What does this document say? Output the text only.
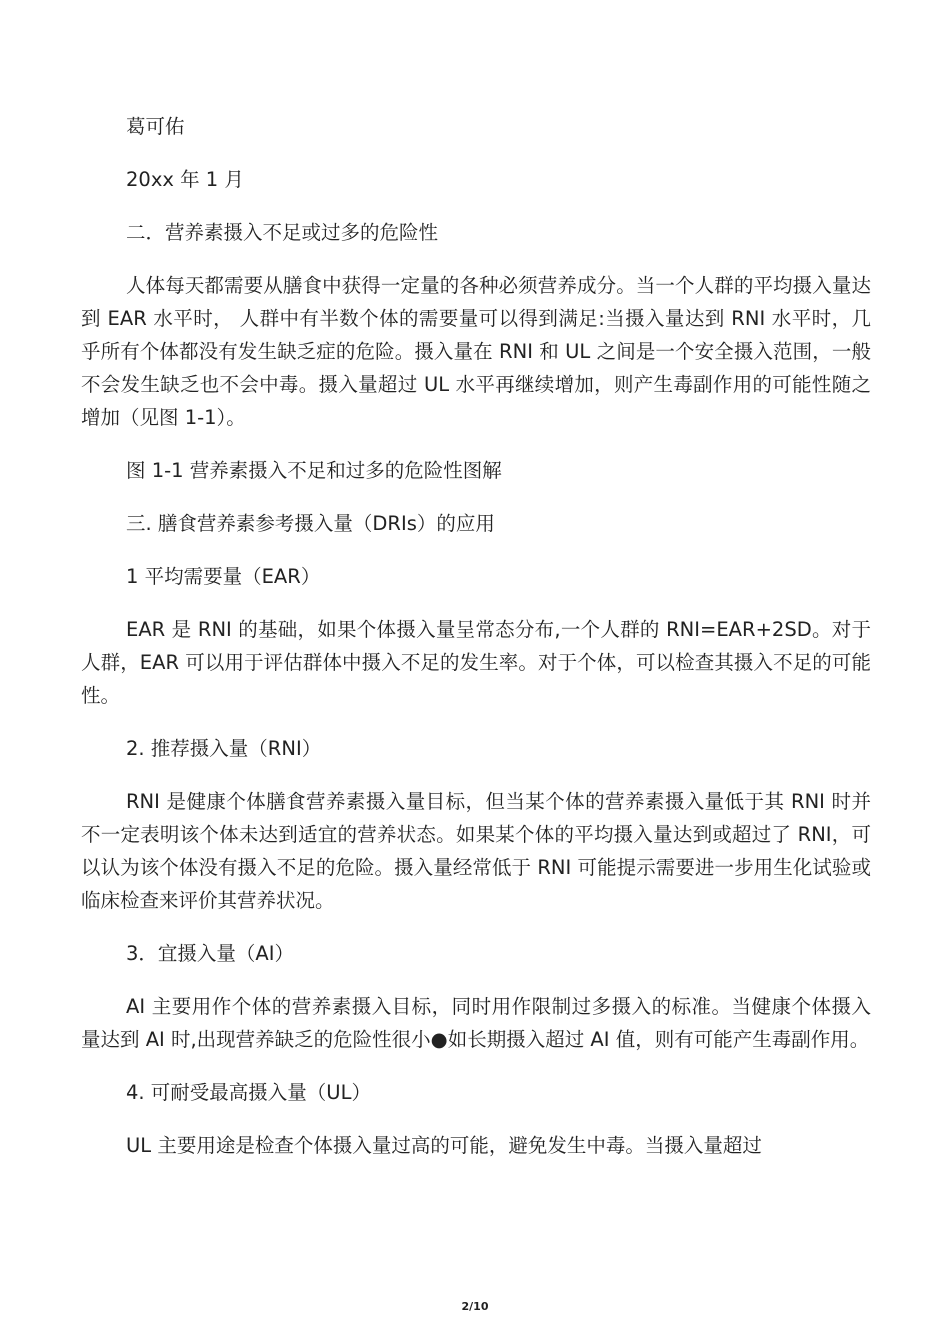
葛可佑

20xx 年 1 月

二．营养素摄入不足或过多的危险性

人体每天都需要从膳食中获得一定量的各种必须营养成分。当一个人群的平均摄入量达到 EAR 水平时， 人群中有半数个体的需要量可以得到满足:当摄入量达到 RNI 水平时，几乎所有个体都没有发生缺乏症的危险。摄入量在 RNI 和 UL 之间是一个安全摄入范围，一般不会发生缺乏也不会中毒。摄入量超过 UL 水平再继续增加，则产生毒副作用的可能性随之增加（见图 1-1）。

图 1-1 营养素摄入不足和过多的危险性图解

三. 膳食营养素参考摄入量（DRIs）的应用

1 平均需要量（EAR）

EAR 是 RNI 的基础，如果个体摄入量呈常态分布,一个人群的 RNI=EAR+2SD。对于人群，EAR 可以用于评估群体中摄入不足的发生率。对于个体，可以检查其摄入不足的可能性。

2. 推荐摄入量（RNI）

RNI 是健康个体膳食营养素摄入量目标，但当某个体的营养素摄入量低于其 RNI 时并不一定表明该个体未达到适宜的营养状态。如果某个体的平均摄入量达到或超过了 RNI，可以认为该个体没有摄入不足的危险。摄入量经常低于 RNI 可能提示需要进一步用生化试验或临床检查来评价其营养状况。

3．宜摄入量（AI）

AI 主要用作个体的营养素摄入目标，同时用作限制过多摄入的标准。当健康个体摄入量达到 AI 时,出现营养缺乏的危险性很小●如长期摄入超过 AI 值，则有可能产生毒副作用。

4. 可耐受最高摄入量（UL）

UL 主要用途是检查个体摄入量过高的可能，避免发生中毒。当摄入量超过

2/10
